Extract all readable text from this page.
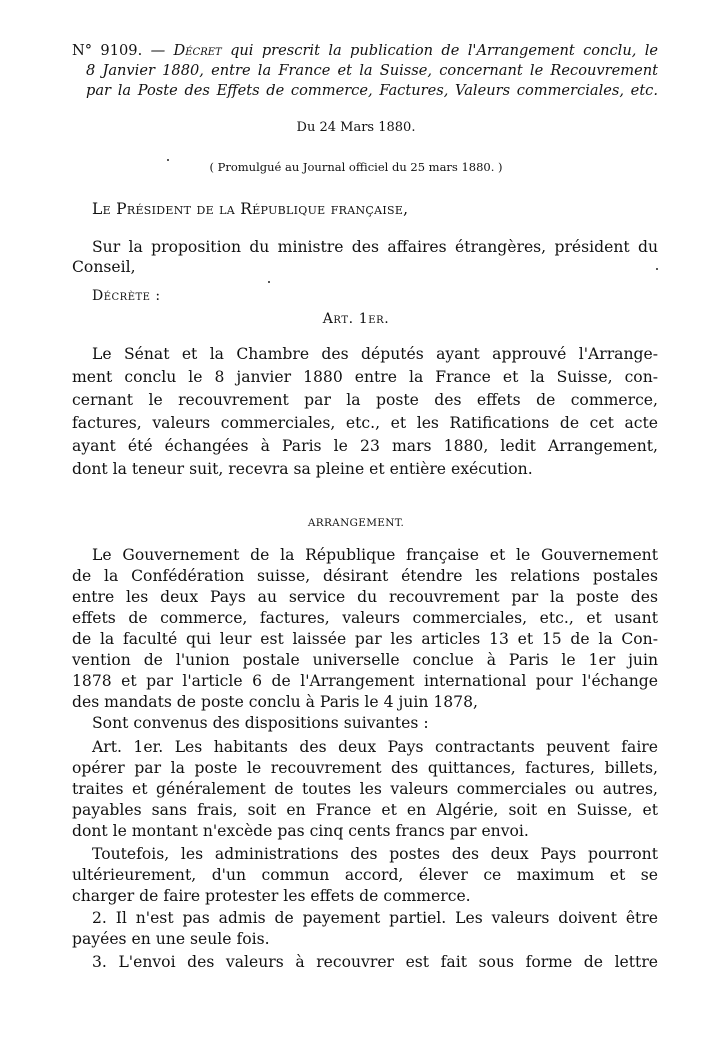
N° 9109. — Décret qui prescrit la publication de l'Arrangement conclu, le
8 Janvier 1880, entre la France et la Suisse, concernant le Recouvrement
par la Poste des Effets de commerce, Factures, Valeurs commerciales, etc.
Du 24 Mars 1880.
( Promulgué au Journal officiel du 25 mars 1880. )
Le Président de la République française,
Sur la proposition du ministre des affaires étrangères, président du
Conseil,
Décrète :
Art. 1er.
Le Sénat et la Chambre des députés ayant approuvé l'Arrange-
ment conclu le 8 janvier 1880 entre la France et la Suisse, con-
cernant le recouvrement par la poste des effets de commerce,
factures, valeurs commerciales, etc., et les Ratifications de cet acte
ayant été échangées à Paris le 23 mars 1880, ledit Arrangement,
dont la teneur suit, recevra sa pleine et entière exécution.
ARRANGEMENT.
Le Gouvernement de la République française et le Gouvernement
de la Confédération suisse, désirant étendre les relations postales
entre les deux Pays au service du recouvrement par la poste des
effets de commerce, factures, valeurs commerciales, etc., et usant
de la faculté qui leur est laissée par les articles 13 et 15 de la Con-
vention de l'union postale universelle conclue à Paris le 1er juin
1878 et par l'article 6 de l'Arrangement international pour l'échange
des mandats de poste conclu à Paris le 4 juin 1878,
Sont convenus des dispositions suivantes :
Art. 1er. Les habitants des deux Pays contractants peuvent faire
opérer par la poste le recouvrement des quittances, factures, billets,
traites et généralement de toutes les valeurs commerciales ou autres,
payables sans frais, soit en France et en Algérie, soit en Suisse, et
dont le montant n'excède pas cinq cents francs par envoi.
Toutefois, les administrations des postes des deux Pays pourront
ultérieurement, d'un commun accord, élever ce maximum et se
charger de faire protester les effets de commerce.
2. Il n'est pas admis de payement partiel. Les valeurs doivent être
payées en une seule fois.
3. L'envoi des valeurs à recouvrer est fait sous forme de lettre
